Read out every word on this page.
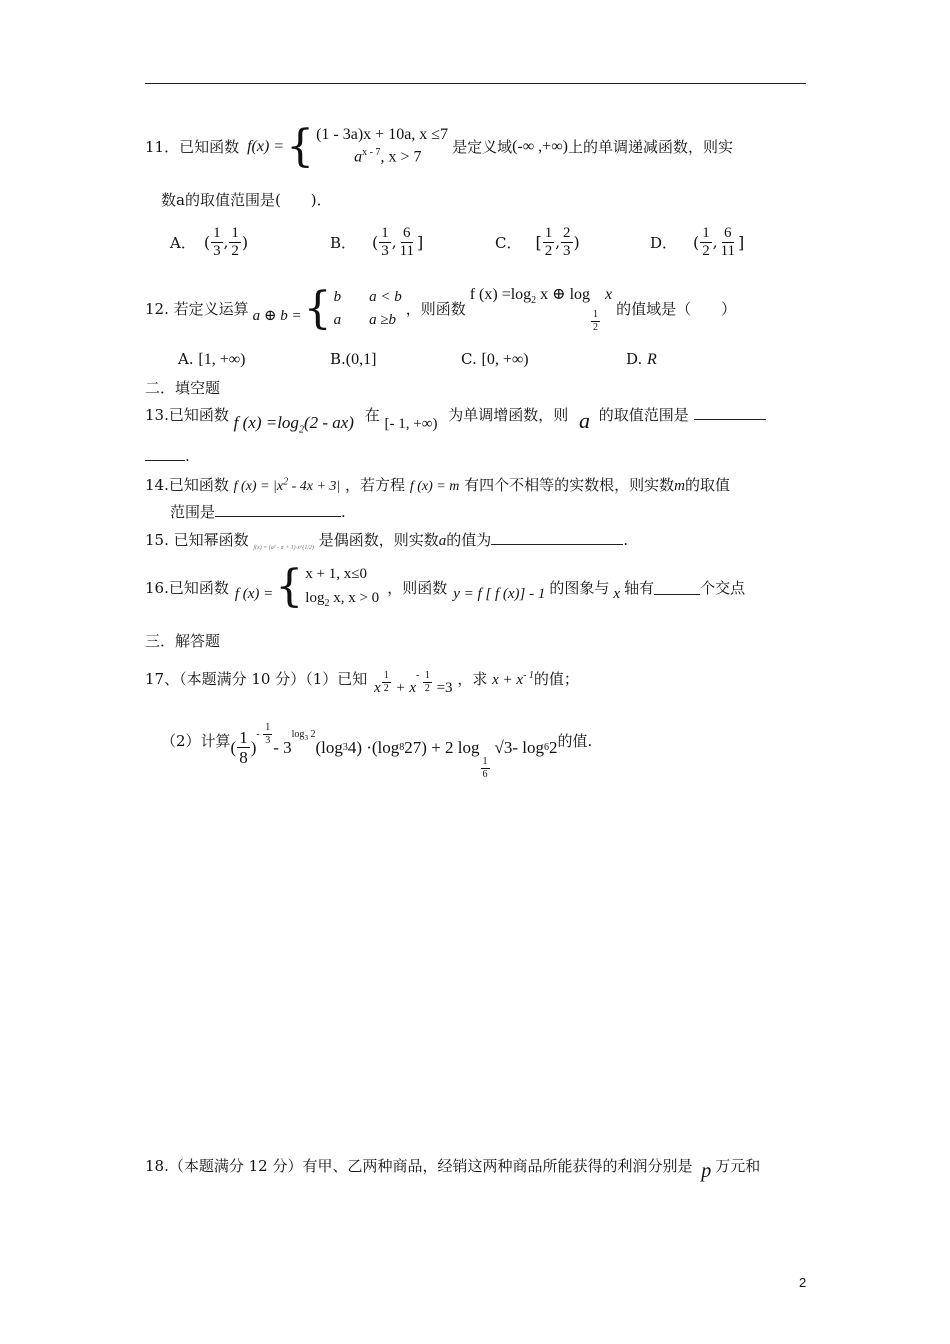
11．已知函数 f(x) = { (1 - 3a)x + 10a, x ≤7
$a^{x - 7}$, x > 7
是定义域 (-∞ ,+∞) 上的单调递减函数，则实
数a的取值范围是(　　)．
A． ( $\frac{1}{3}$ , $\frac{1}{2}$ )	B． ( $\frac{1}{3}$ , $\frac{6}{11}$ ]	C． [ $\frac{1}{2}$ , $\frac{2}{3}$ )	D． ( $\frac{1}{2}$ , $\frac{6}{11}$ ]
12. 若定义运算 a ⊕ b = { b a < b
a a ≥b
，则函数
f $(x) =\log_2$ x ⊕ log
$\frac{1}{2}$
x
的值域是（　　）
A. [1, +∞)	B.(0,1]	C. [0, +∞)	D. R
二．填空题
13.已知函数 f $(x) =\log_2(2 - ax)$ 在 [- 1, +∞) 为单调增函数，则 a 的取值范围是
.
14.已知函数 f $(x) = |x^2 - 4x + 3|$ ，若方程 f (x) = m 有四个不相等的实数根，则实数m的取值
范围是	.
15. 已知幂函数 $_{f(x) = (a^2 - a + 1)\cdot x\^{}(1/2)}$ 是偶函数，则实数a的值为	.
16.已知函数 f (x) = { x + 1, x≤0
$\log_2 x$, x > 0
，则函数 y = f [ f (x)] - 1 的图象与 x 轴有	个交点
三．解答题
17、（本题满分 10 分）（1）已知 x $\frac{1}{2} + x^- \frac{1}{2} =3$ ，求 $x + x^{- 1}$的值；
（2）计算 ( $\frac{1}{8}$ )
- $\frac{1}{3}$
- 3
$^{log_3 2}$
(log 3 4) ·(log 8 27) + 2 log
$\frac{1}{6}$
√3 - log 6 2 的值.
18.（本题满分 12 分）有甲、乙两种商品，经销这两种商品所能获得的利润分别是 p 万元和
2
